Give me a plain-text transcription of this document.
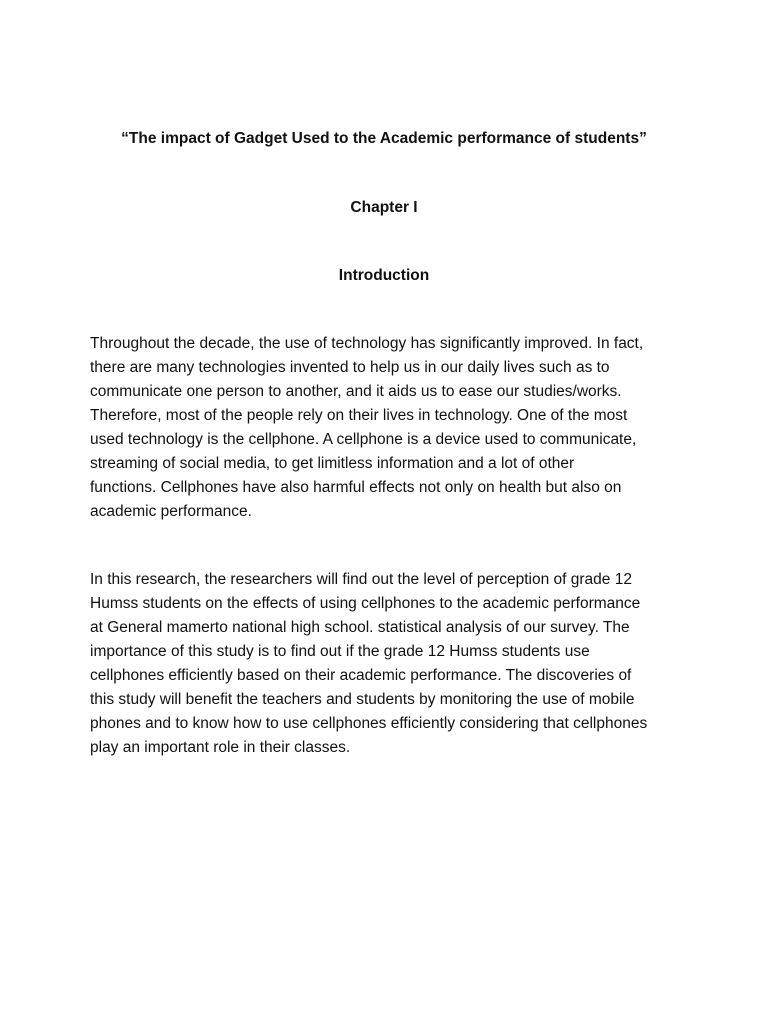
“The impact of Gadget Used to the Academic performance of students”
Chapter I
Introduction

Throughout the decade, the use of technology has significantly improved. In fact,
there are many technologies invented to help us in our daily lives such as to
communicate one person to another, and it aids us to ease our studies/works.
Therefore, most of the people rely on their lives in technology. One of the most
used technology is the cellphone. A cellphone is a device used to communicate,
streaming of social media, to get limitless information and a lot of other
functions. Cellphones have also harmful effects not only on health but also on
academic performance.

In this research, the researchers will find out the level of perception of grade 12
Humss students on the effects of using cellphones to the academic performance
at General mamerto national high school. statistical analysis of our survey. The
importance of this study is to find out if the grade 12 Humss students use
cellphones efficiently based on their academic performance. The discoveries of
this study will benefit the teachers and students by monitoring the use of mobile
phones and to know how to use cellphones efficiently considering that cellphones
play an important role in their classes.
